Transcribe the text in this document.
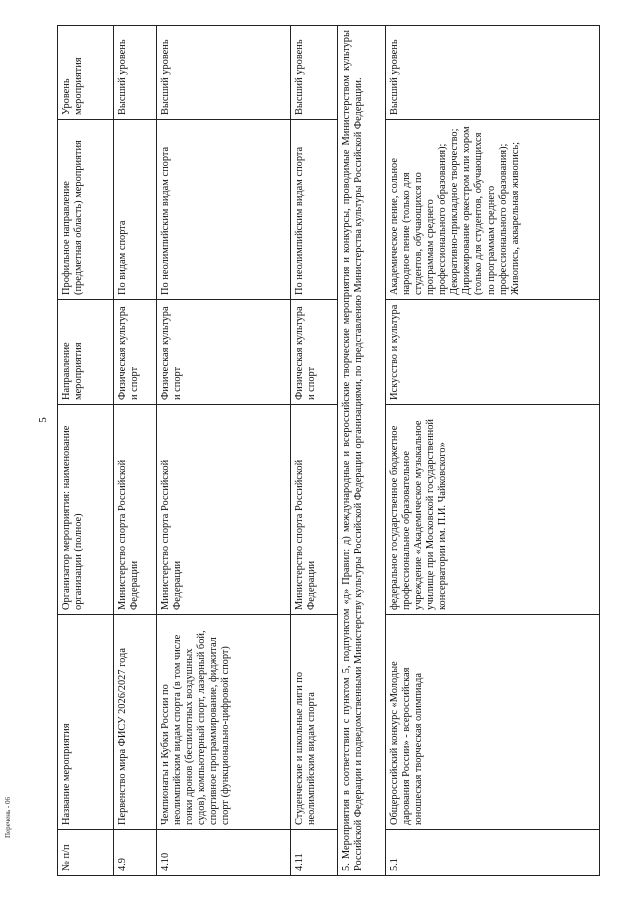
5
Перечень - 06
№ п/п	Название мероприятия	Организатор мероприятия: наименование организации (полное)	Направление мероприятия	Профильное направление (предметная область) мероприятия	Уровень мероприятия
4.9	Первенство мира ФИСУ 2026/2027 года	Министерство спорта Российской Федерации	Физическая культура и спорт	По видам спорта	Высший уровень
4.10	Чемпионаты и Кубки России по неолимпийским видам спорта (в том числе гонки дронов (беспилотных воздушных судов), компьютерный спорт, лазерный бой, спортивное программирование, фиджитал спорт (функционально-цифровой спорт)	Министерство спорта Российской Федерации	Физическая культура и спорт	По неолимпийским видам спорта	Высший уровень
4.11	Студенческие и школьные лиги по неолимпийским видам спорта	Министерство спорта Российской Федерации	Физическая культура и спорт	По неолимпийским видам спорта	Высший уровень
5. Мероприятия в соответствии с пунктом 5, подпунктом «д» Правил: д) международные и всероссийские творческие мероприятия и конкурсы, проводимые Министерством культуры Российской Федерации и подведомственными Министерству культуры Российской Федерации организациями, по представлению Министерства культуры Российской Федерации.					
5.1	Общероссийский конкурс «Молодые дарования России» - всероссийская юношеская творческая олимпиада	федеральное государственное бюджетное профессиональное образовательное учреждение «Академическое музыкальное училище при Московской государственной консерватории им. П.И. Чайковского»	Искусство и культура	Академическое пение, сольное народное пение (только для студентов, обучающихся по программам среднего профессионального образования); Декоративно-прикладное творчество; Дирижирование оркестром или хором (только для студентов, обучающихся по программам среднего профессионального образования); Живопись, акварельная живопись;	Высший уровень
